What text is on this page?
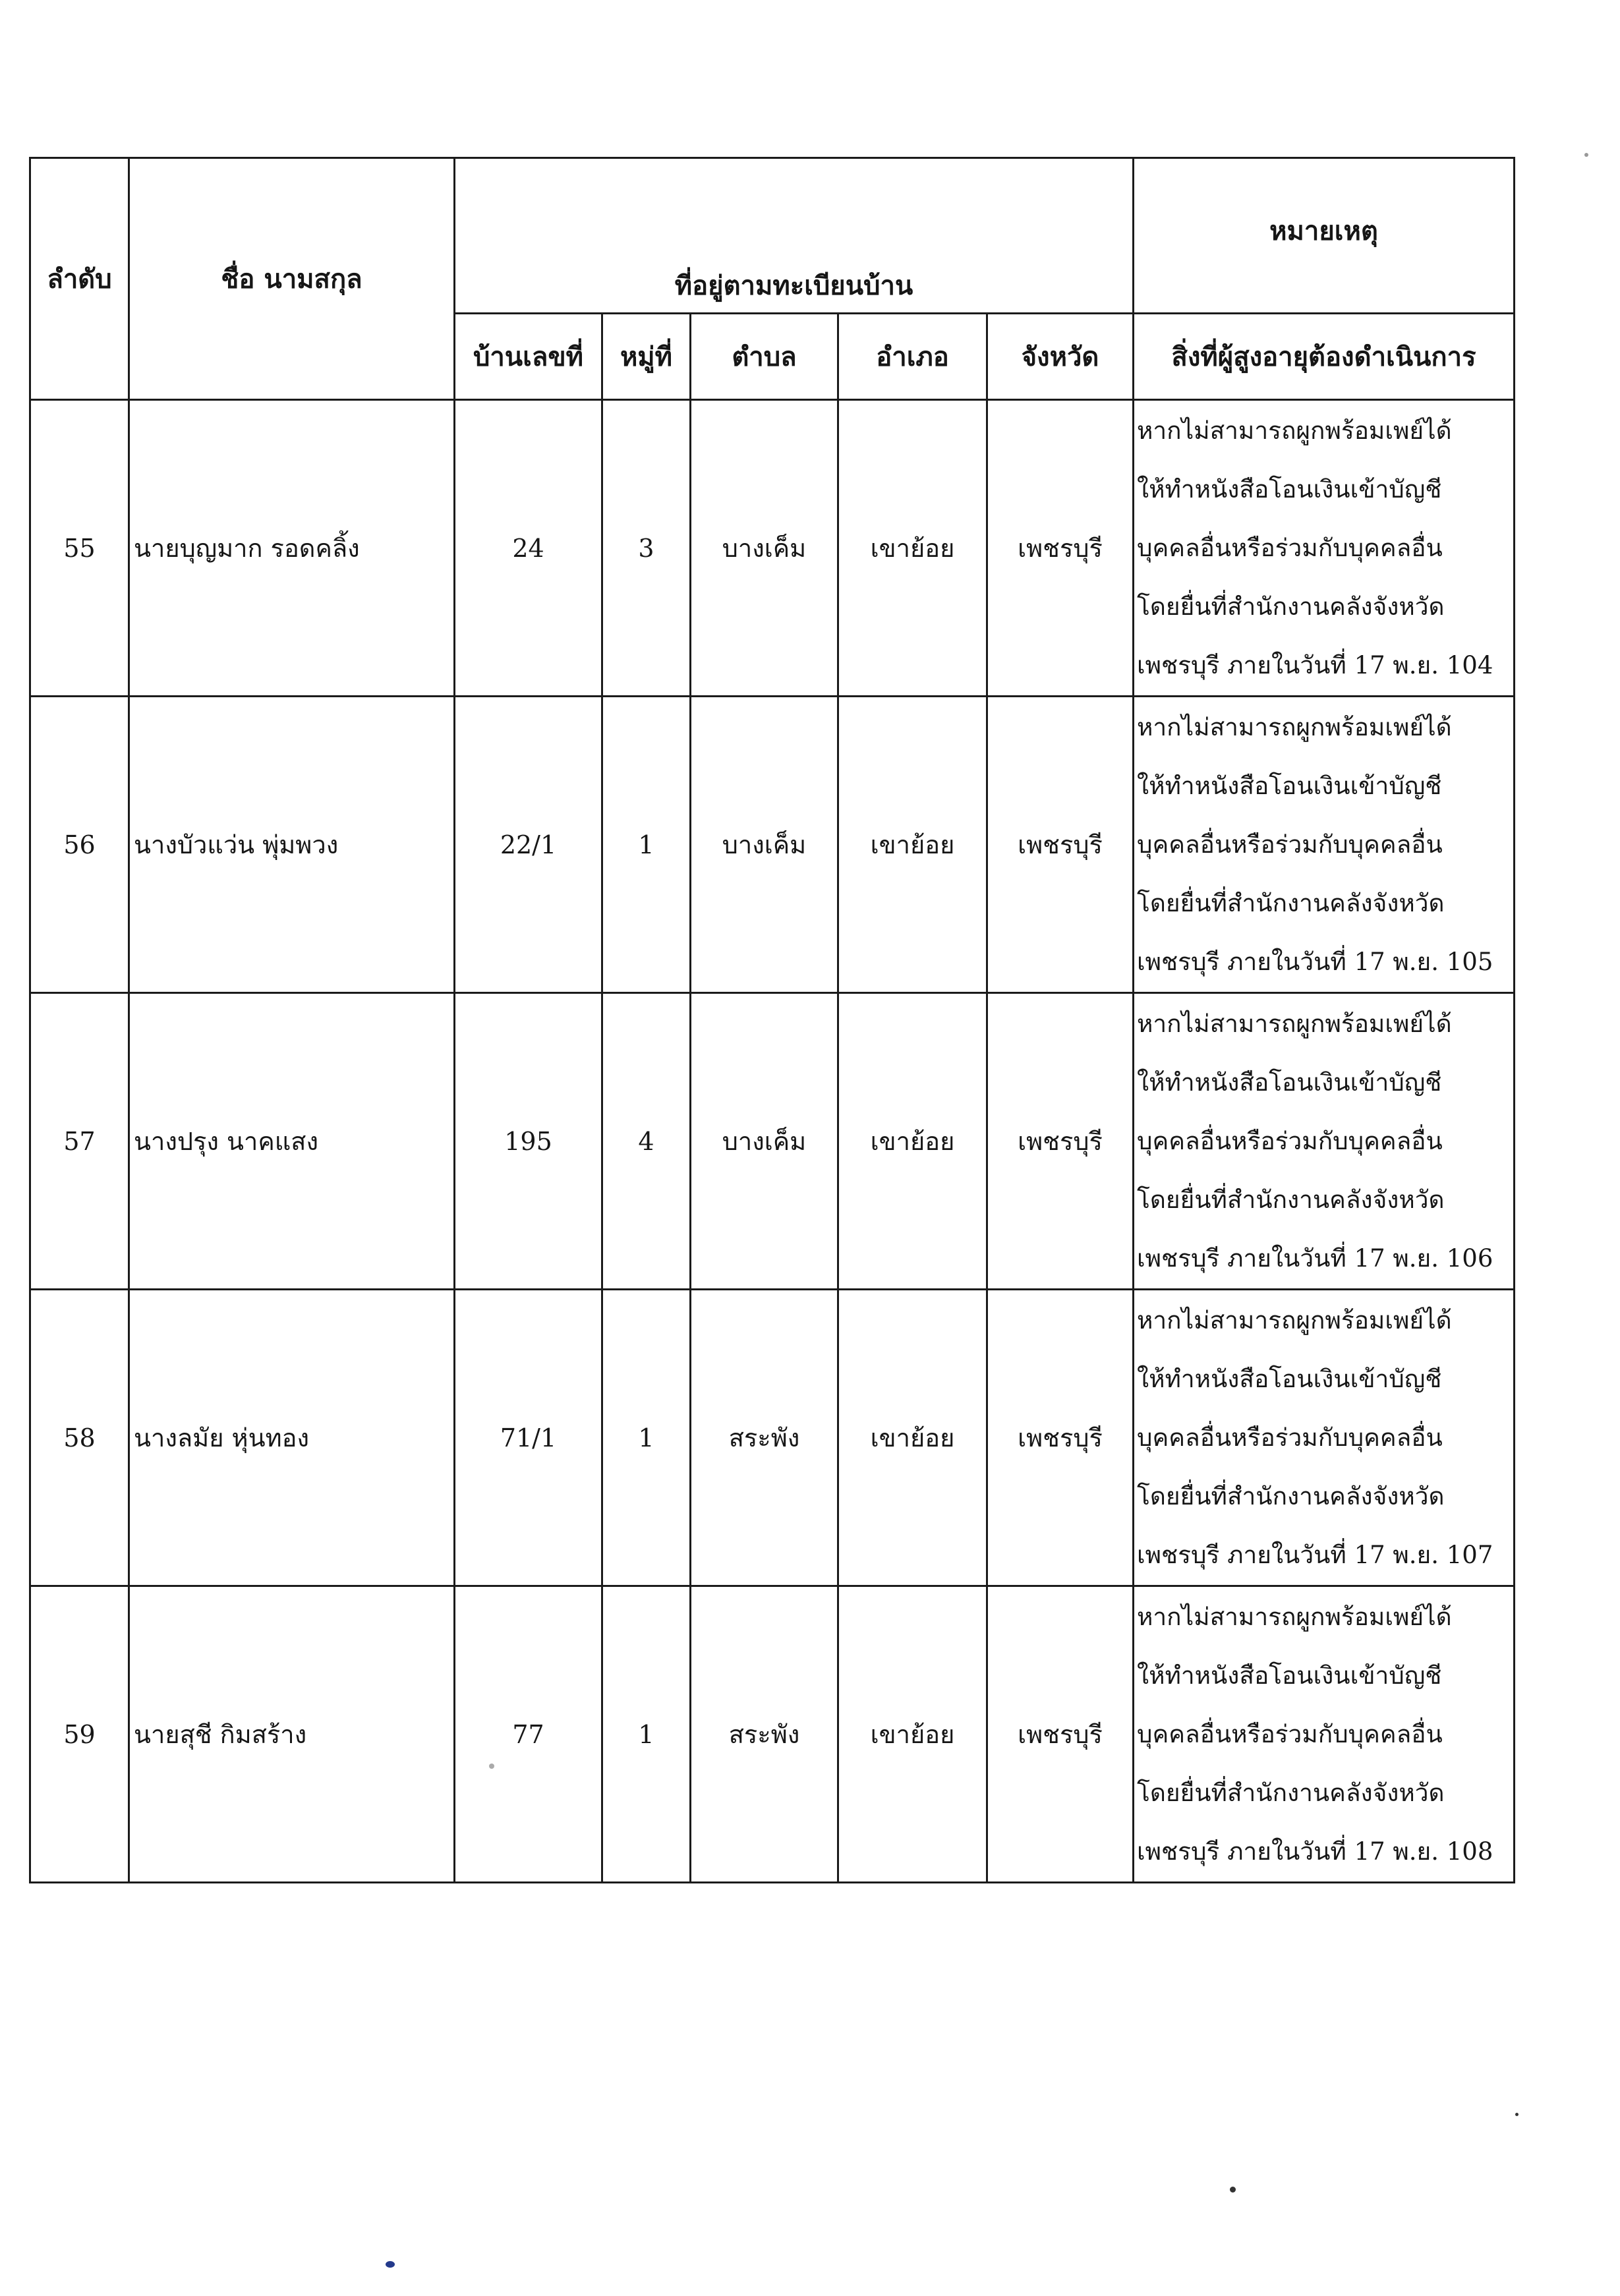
ลำดับ	ชื่อ นามสกุล	ที่อยู่ตามทะเบียนบ้าน					หมายเหตุ

		บ้านเลขที่	หมู่ที่	ตำบล	อำเภอ	จังหวัด	สิ่งที่ผู้สูงอายุต้องดำเนินการ
55	นายบุญมาก รอดคลิ้ง	24	3	บางเค็ม	เขาย้อย	เพชรบุรี	หากไม่สามารถผูกพร้อมเพย์ได้
ให้ทำหนังสือโอนเงินเข้าบัญชี
บุคคลอื่นหรือร่วมกับบุคคลอื่น
โดยยื่นที่สำนักงานคลังจังหวัด
เพชรบุรี ภายในวันที่ 17 พ.ย. 104

56	นางบัวแว่น พุ่มพวง	22/1	1	บางเค็ม	เขาย้อย	เพชรบุรี	หากไม่สามารถผูกพร้อมเพย์ได้
ให้ทำหนังสือโอนเงินเข้าบัญชี
บุคคลอื่นหรือร่วมกับบุคคลอื่น
โดยยื่นที่สำนักงานคลังจังหวัด
เพชรบุรี ภายในวันที่ 17 พ.ย. 105

57	นางปรุง นาคแสง	195	4	บางเค็ม	เขาย้อย	เพชรบุรี	หากไม่สามารถผูกพร้อมเพย์ได้
ให้ทำหนังสือโอนเงินเข้าบัญชี
บุคคลอื่นหรือร่วมกับบุคคลอื่น
โดยยื่นที่สำนักงานคลังจังหวัด
เพชรบุรี ภายในวันที่ 17 พ.ย. 106

58	นางลมัย หุ่นทอง	71/1	1	สระพัง	เขาย้อย	เพชรบุรี	หากไม่สามารถผูกพร้อมเพย์ได้
ให้ทำหนังสือโอนเงินเข้าบัญชี
บุคคลอื่นหรือร่วมกับบุคคลอื่น
โดยยื่นที่สำนักงานคลังจังหวัด
เพชรบุรี ภายในวันที่ 17 พ.ย. 107

59	นายสุชี กิมสร้าง	77	1	สระพัง	เขาย้อย	เพชรบุรี	หากไม่สามารถผูกพร้อมเพย์ได้
ให้ทำหนังสือโอนเงินเข้าบัญชี
บุคคลอื่นหรือร่วมกับบุคคลอื่น
โดยยื่นที่สำนักงานคลังจังหวัด
เพชรบุรี ภายในวันที่ 17 พ.ย. 108
